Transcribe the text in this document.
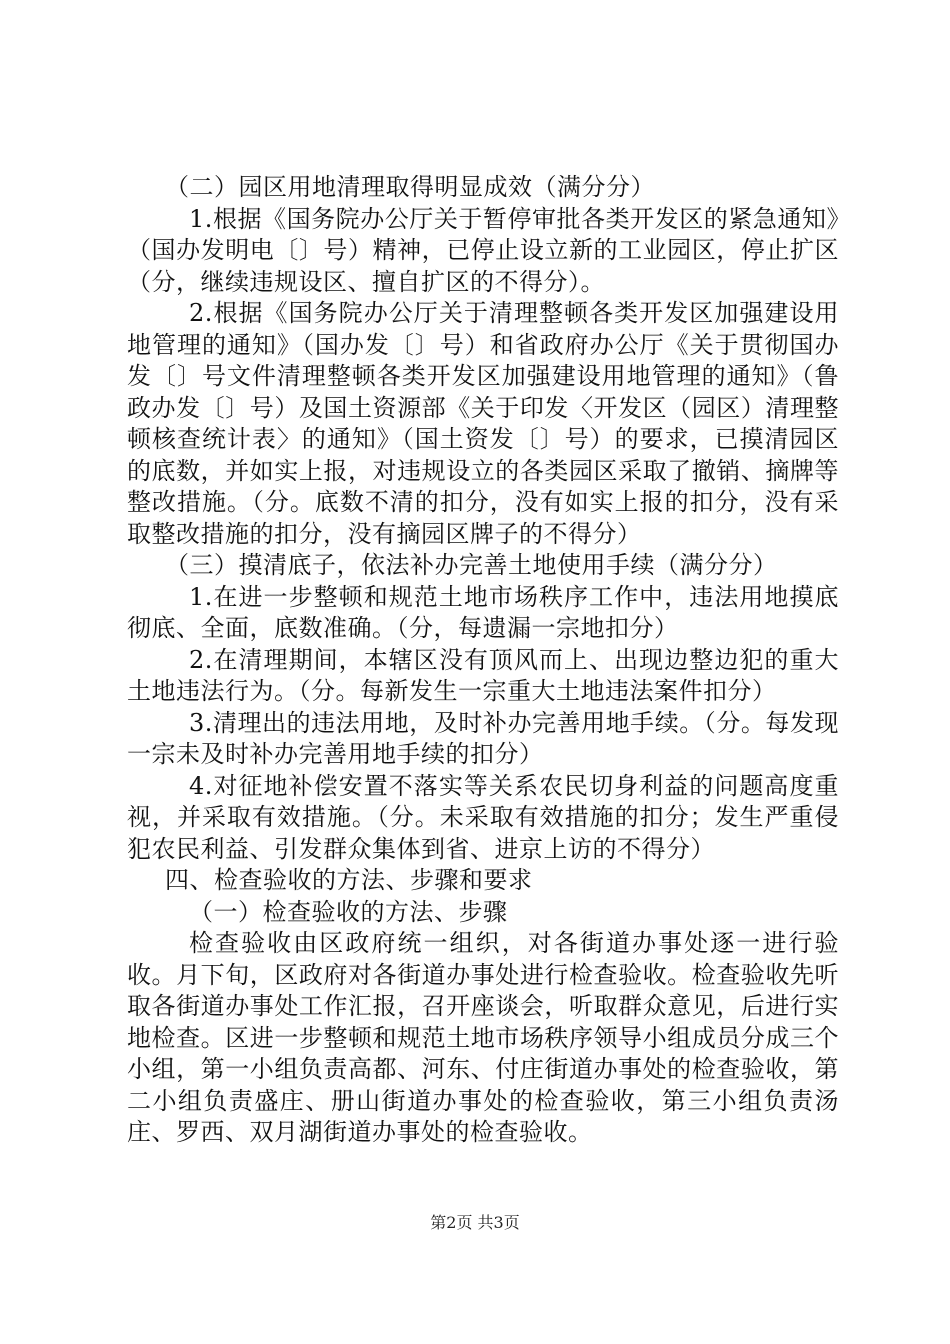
（二）园区用地清理取得明显成效（满分分）

1.根据《国务院办公厅关于暂停审批各类开发区的紧急通知》（国办发明电〔〕号）精神，已停止设立新的工业园区，停止扩区（分，继续违规设区、擅自扩区的不得分）。

2.根据《国务院办公厅关于清理整顿各类开发区加强建设用地管理的通知》（国办发〔〕号）和省政府办公厅《关于贯彻国办发〔〕号文件清理整顿各类开发区加强建设用地管理的通知》（鲁政办发〔〕号）及国土资源部《关于印发〈开发区（园区）清理整顿核查统计表〉的通知》（国土资发〔〕号）的要求，已摸清园区的底数，并如实上报，对违规设立的各类园区采取了撤销、摘牌等整改措施。（分。底数不清的扣分，没有如实上报的扣分，没有采取整改措施的扣分，没有摘园区牌子的不得分）

（三）摸清底子，依法补办完善土地使用手续（满分分）

1.在进一步整顿和规范土地市场秩序工作中，违法用地摸底彻底、全面，底数准确。（分，每遗漏一宗地扣分）

2.在清理期间，本辖区没有顶风而上、出现边整边犯的重大土地违法行为。（分。每新发生一宗重大土地违法案件扣分）

3.清理出的违法用地，及时补办完善用地手续。（分。每发现一宗未及时补办完善用地手续的扣分）

4.对征地补偿安置不落实等关系农民切身利益的问题高度重视，并采取有效措施。（分。未采取有效措施的扣分；发生严重侵犯农民利益、引发群众集体到省、进京上访的不得分）

四、检查验收的方法、步骤和要求

（一）检查验收的方法、步骤

检查验收由区政府统一组织，对各街道办事处逐一进行验收。月下旬，区政府对各街道办事处进行检查验收。检查验收先听取各街道办事处工作汇报，召开座谈会，听取群众意见，后进行实地检查。区进一步整顿和规范土地市场秩序领导小组成员分成三个小组，第一小组负责高都、河东、付庄街道办事处的检查验收，第二小组负责盛庄、册山街道办事处的检查验收，第三小组负责汤庄、罗西、双月湖街道办事处的检查验收。

第2页 共3页
